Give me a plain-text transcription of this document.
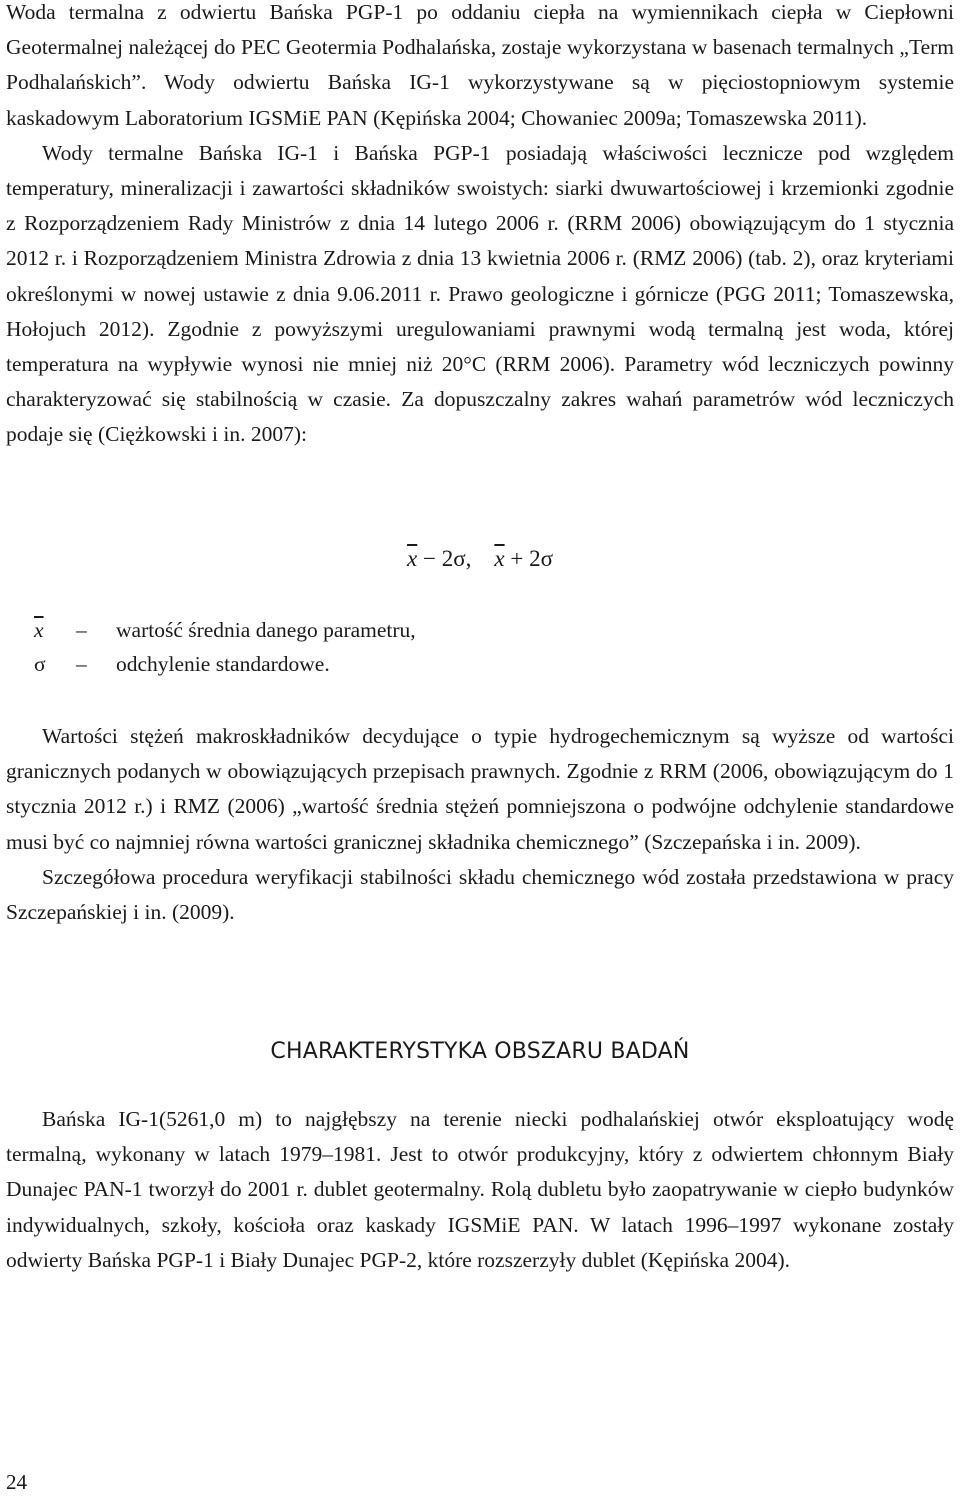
Woda termalna z odwiertu Bańska PGP-1 po oddaniu ciepła na wymiennikach ciepła w Ciepłowni Geotermalnej należącej do PEC Geotermia Podhalańska, zostaje wykorzystana w basenach termalnych „Term Podhalańskich”. Wody odwiertu Bańska IG-1 wykorzystywane są w pięciostopniowym systemie kaskadowym Laboratorium IGSMiE PAN (Kępińska 2004; Chowaniec 2009a; Tomaszewska 2011).

Wody termalne Bańska IG-1 i Bańska PGP-1 posiadają właściwości lecznicze pod względem temperatury, mineralizacji i zawartości składników swoistych: siarki dwuwartościowej i krzemionki zgodnie z Rozporządzeniem Rady Ministrów z dnia 14 lutego 2006 r. (RRM 2006) obowiązującym do 1 stycznia 2012 r. i Rozporządzeniem Ministra Zdrowia z dnia 13 kwietnia 2006 r. (RMZ 2006) (tab. 2), oraz kryteriami określonymi w nowej ustawie z dnia 9.06.2011 r. Prawo geologiczne i górnicze (PGG 2011; Tomaszewska, Hołojuch 2012). Zgodnie z powyższymi uregulowaniami prawnymi wodą termalną jest woda, której temperatura na wypływie wynosi nie mniej niż 20°C (RRM 2006). Parametry wód leczniczych powinny charakteryzować się stabilnością w czasie. Za dopuszczalny zakres wahań parametrów wód leczniczych podaje się (Ciężkowski i in. 2007):

$\overline{x} - 2\sigma$, $\overline{x} + 2\sigma$
$\overline{x}$	– wartość średnia danego parametru,
σ	– odchylenie standardowe.

Wartości stężeń makroskładników decydujące o typie hydrogechemicznym są wyższe od wartości granicznych podanych w obowiązujących przepisach prawnych. Zgodnie z RRM (2006, obowiązującym do 1 stycznia 2012 r.) i RMZ (2006) „wartość średnia stężeń pomniejszona o podwójne odchylenie standardowe musi być co najmniej równa wartości granicznej składnika chemicznego” (Szczepańska i in. 2009).

Szczegółowa procedura weryfikacji stabilności składu chemicznego wód została przedstawiona w pracy Szczepańskiej i in. (2009).

CHARAKTERYSTYKA OBSZARU BADAŃ

Bańska IG-1(5261,0 m) to najgłębszy na terenie niecki podhalańskiej otwór eksploatujący wodę termalną, wykonany w latach 1979–1981. Jest to otwór produkcyjny, który z odwiertem chłonnym Biały Dunajec PAN-1 tworzył do 2001 r. dublet geotermalny. Rolą dubletu było zaopatrywanie w ciepło budynków indywidualnych, szkoły, kościoła oraz kaskady IGSMiE PAN. W latach 1996–1997 wykonane zostały odwierty Bańska PGP-1 i Biały Dunajec PGP-2, które rozszerzyły dublet (Kępińska 2004).

24
